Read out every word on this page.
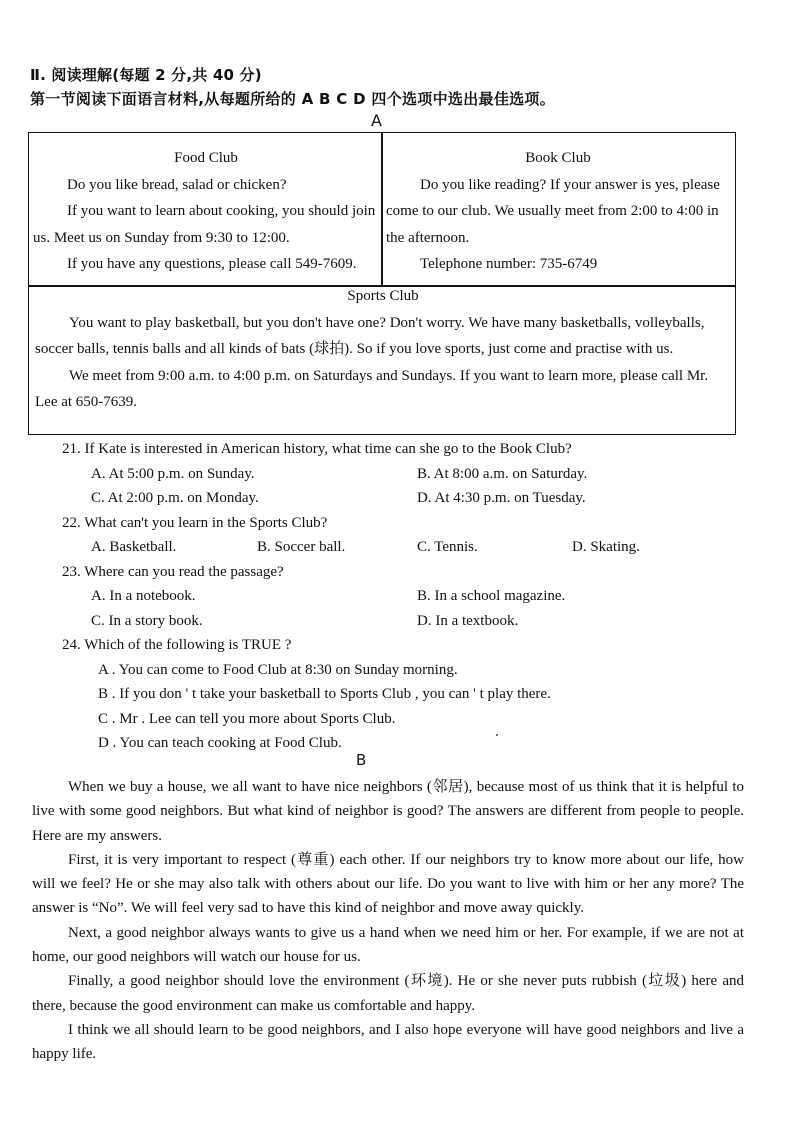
Ⅱ. 阅读理解(每题 2 分,共 40 分)
第一节阅读下面语言材料,从每题所给的 A B C D 四个选项中选出最佳选项。
A
Food Club
Do you like bread, salad or chicken?
If you want to learn about cooking, you should join us. Meet us on Sunday from 9:30 to 12:00.
If you have any questions, please call 549-7609.
Book Club
Do you like reading? If your answer is yes, please come to our club. We usually meet from 2:00 to 4:00 in the afternoon.
Telephone number: 735-6749
Sports Club
You want to play basketball, but you don't have one? Don't worry. We have many basketballs, volleyballs, soccer balls, tennis balls and all kinds of bats (球拍). So if you love sports, just come and practise with us.
We meet from 9:00 a.m. to 4:00 p.m. on Saturdays and Sundays. If you want to learn more, please call Mr. Lee at 650-7639.
21. If Kate is interested in American history, what time can she go to the Book Club?
A. At 5:00 p.m. on Sunday.	B. At 8:00 a.m. on Saturday.
C. At 2:00 p.m. on Monday.	D. At 4:30 p.m. on Tuesday.
22. What can't you learn in the Sports Club?
A. Basketball.	B. Soccer ball.	C. Tennis.	D. Skating.
23. Where can you read the passage?
A. In a notebook.	B. In a school magazine.
C. In a story book.	D. In a textbook.
24. Which of the following is TRUE ?
A . You can come to Food Club at 8:30 on Sunday morning.
B . If you don ' t take your basketball to Sports Club , you can ' t play there.
C . Mr . Lee can tell you more about Sports Club.
D . You can teach cooking at Food Club.
B

When we buy a house, we all want to have nice neighbors (邻居), because most of us think that it is helpful to live with some good neighbors. But what kind of neighbor is good? The answers are different from people to people. Here are my answers.

First, it is very important to respect (尊重) each other. If our neighbors try to know more about our life, how will we feel? He or she may also talk with others about our life. Do you want to live with him or her any more? The answer is “No”. We will feel very sad to have this kind of neighbor and move away quickly.

Next, a good neighbor always wants to give us a hand when we need him or her. For example, if we are not at home, our good neighbors will watch our house for us.

Finally, a good neighbor should love the environment (环境). He or she never puts rubbish (垃圾) here and there, because the good environment can make us comfortable and happy.

I think we all should learn to be good neighbors, and I also hope everyone will have good neighbors and live a happy life.
